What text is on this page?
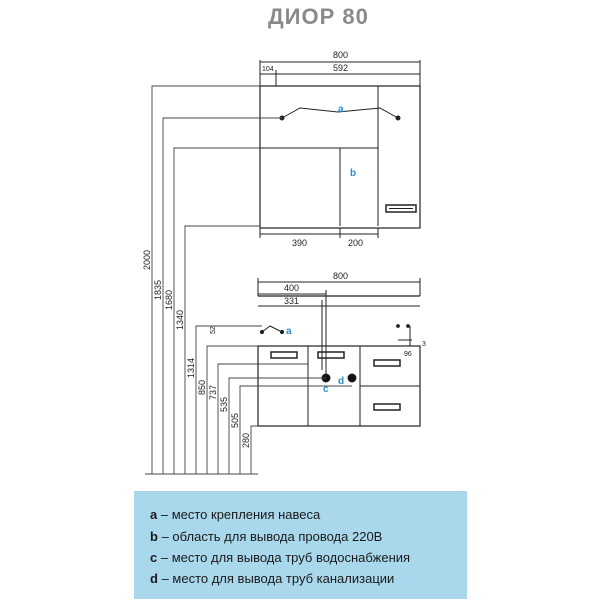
ДИОР 80
800
104	592
390	200
800
400
331
52
96
3
a
b
a
c
d
2000
1835 1680
1340
1314
850 737
535
505
280
a – место крепления навеса
b – область для вывода провода 220В
c – место для вывода труб водоснабжения
d – место для вывода труб канализации
